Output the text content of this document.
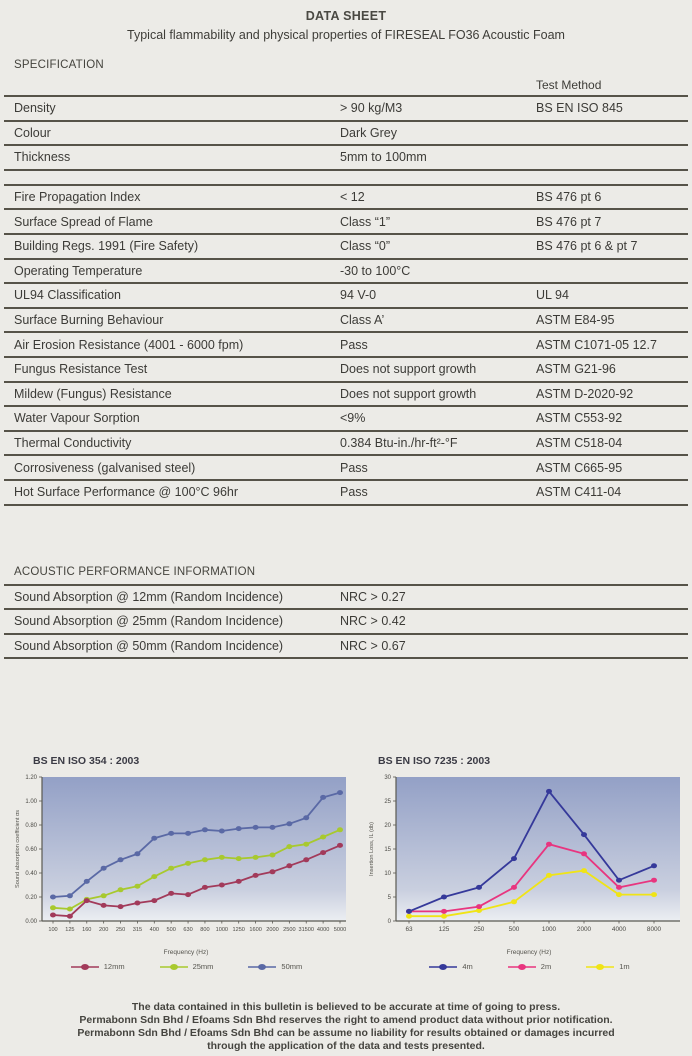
DATA SHEET
Typical flammability and physical properties of FIRESEAL FO36 Acoustic Foam
SPECIFICATION
Test Method
Density	> 90 kg/M3	BS EN ISO 845
Colour	Dark Grey
Thickness	5mm to 100mm
Fire Propagation Index	< 12	BS 476 pt 6
Surface Spread of Flame	Class “1”	BS 476 pt 7
Building Regs. 1991 (Fire Safety)	Class “0”	BS 476 pt 6 & pt 7
Operating Temperature	-30 to 100°C
UL94 Classification	94 V-0	UL 94
Surface Burning Behaviour	Class A’	ASTM E84-95
Air Erosion Resistance (4001 - 6000 fpm)	Pass	ASTM C1071-05 12.7
Fungus Resistance Test	Does not support growth	ASTM G21-96
Mildew (Fungus) Resistance	Does not support growth	ASTM D-2020-92
Water Vapour Sorption	<9%	ASTM C553-92
Thermal Conductivity	0.384 Btu-in./hr-ft²-°F	ASTM C518-04
Corrosiveness (galvanised steel)	Pass	ASTM C665-95
Hot Surface Performance @ 100°C 96hr	Pass	ASTM C411-04
ACOUSTIC PERFORMANCE INFORMATION
Sound Absorption @ 12mm (Random Incidence)	NRC > 0.27
Sound Absorption @ 25mm (Random Incidence)	NRC > 0.42
Sound Absorption @ 50mm (Random Incidence)	NRC > 0.67
BS EN ISO 354 : 2003
0.00
0.20
0.40
0.60
0.80
1.00
1.20
100 125 160 200 250 315 400 500 630 800 1000 1250 1600 2000 2500 31500 4000 5000
Sound absorption coefficient αs
Frequency (Hz)
12mm	25mm	50mm
BS EN ISO 7235 : 2003
0
5
10
15
20
25
30
63	125	250	500	1000	2000	4000	8000
Insertion Loss, IL (db)
Frequency (Hz)
4m	2m	1m
The data contained in this bulletin is believed to be accurate at time of going to press.
Permabonn Sdn Bhd / Efoams Sdn Bhd reserves the right to amend product data without prior notification.
Permabonn Sdn Bhd / Efoams Sdn Bhd can be assume no liability for results obtained or damages incurred
through the application of the data and tests presented.
